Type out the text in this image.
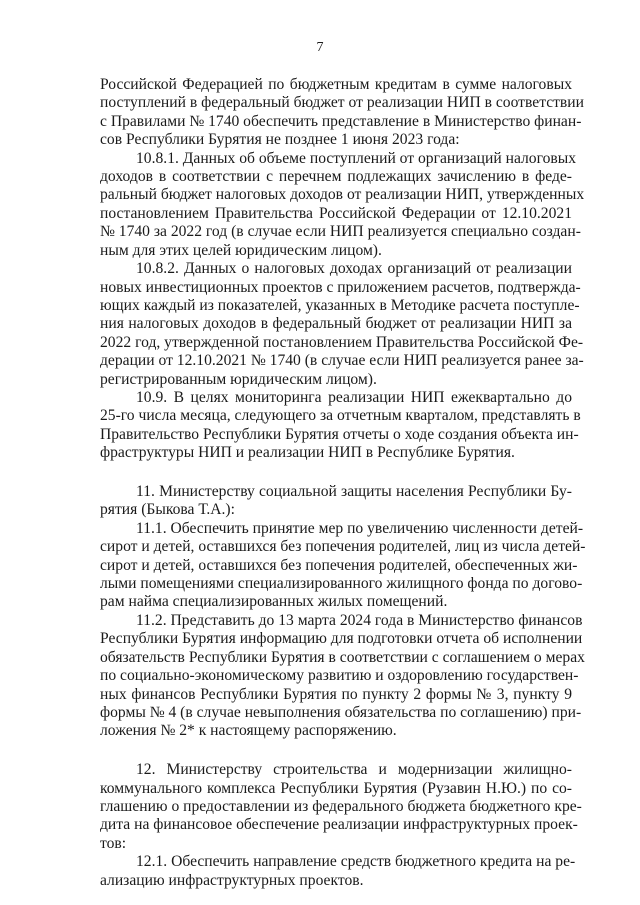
7
Российской Федерацией по бюджетным кредитам в сумме налоговых
поступлений в федеральный бюджет от реализации НИП в соответствии
с Правилами № 1740 обеспечить представление в Министерство финан-
сов Республики Бурятия не позднее 1 июня 2023 года:
10.8.1. Данных об объеме поступлений от организаций налоговых
доходов в соответствии с перечнем подлежащих зачислению в феде-
ральный бюджет налоговых доходов от реализации НИП, утвержденных
постановлением Правительства Российской Федерации от 12.10.2021
№ 1740 за 2022 год (в случае если НИП реализуется специально создан-
ным для этих целей юридическим лицом).
10.8.2. Данных о налоговых доходах организаций от реализации
новых инвестиционных проектов с приложением расчетов, подтвержда-
ющих каждый из показателей, указанных в Методике расчета поступле-
ния налоговых доходов в федеральный бюджет от реализации НИП за
2022 год, утвержденной постановлением Правительства Российской Фе-
дерации от 12.10.2021 № 1740 (в случае если НИП реализуется ранее за-
регистрированным юридическим лицом).
10.9. В целях мониторинга реализации НИП ежеквартально до
25-го числа месяца, следующего за отчетным кварталом, представлять в
Правительство Республики Бурятия отчеты о ходе создания объекта ин-
фраструктуры НИП и реализации НИП в Республике Бурятия.
11. Министерству социальной защиты населения Республики Бу-
рятия (Быкова Т.А.):
11.1. Обеспечить принятие мер по увеличению численности детей-
сирот и детей, оставшихся без попечения родителей, лиц из числа детей-
сирот и детей, оставшихся без попечения родителей, обеспеченных жи-
лыми помещениями специализированного жилищного фонда по догово-
рам найма специализированных жилых помещений.
11.2. Представить до 13 марта 2024 года в Министерство финансов
Республики Бурятия информацию для подготовки отчета об исполнении
обязательств Республики Бурятия в соответствии с соглашением о мерах
по социально-экономическому развитию и оздоровлению государствен-
ных финансов Республики Бурятия по пункту 2 формы № 3, пункту 9
формы № 4 (в случае невыполнения обязательства по соглашению) при-
ложения № 2* к настоящему распоряжению.
12. Министерству строительства и модернизации жилищно-
коммунального комплекса Республики Бурятия (Рузавин Н.Ю.) по со-
глашению о предоставлении из федерального бюджета бюджетного кре-
дита на финансовое обеспечение реализации инфраструктурных проек-
тов:
12.1. Обеспечить направление средств бюджетного кредита на ре-
ализацию инфраструктурных проектов.
